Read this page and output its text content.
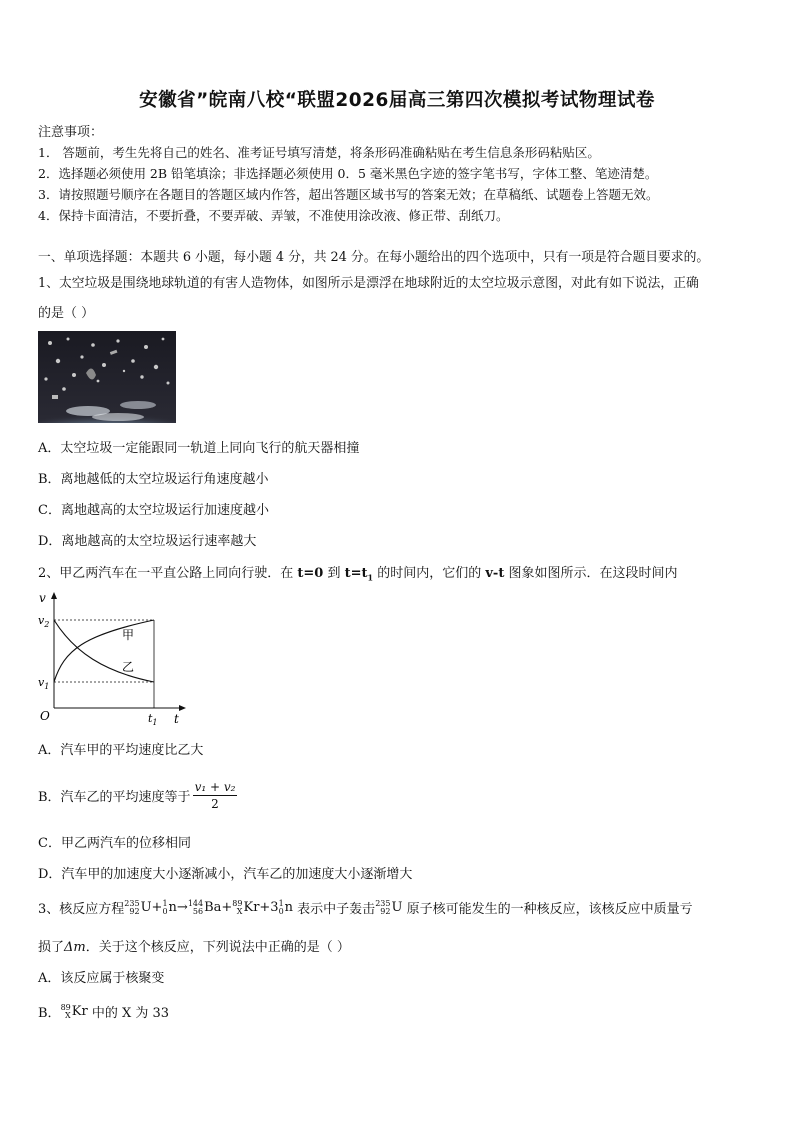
安徽省”皖南八校“联盟2026届高三第四次模拟考试物理试卷
注意事项：
1． 答题前，考生先将自己的姓名、准考证号填写清楚，将条形码准确粘贴在考生信息条形码粘贴区。
2．选择题必须使用 2B 铅笔填涂；非选择题必须使用 0．5 毫米黑色字迹的签字笔书写，字体工整、笔迹清楚。
3．请按照题号顺序在各题目的答题区域内作答，超出答题区域书写的答案无效；在草稿纸、试题卷上答题无效。
4．保持卡面清洁，不要折叠，不要弄破、弄皱，不准使用涂改液、修正带、刮纸刀。
一、单项选择题：本题共 6 小题，每小题 4 分，共 24 分。在每小题给出的四个选项中，只有一项是符合题目要求的。
1、太空垃圾是围绕地球轨道的有害人造物体，如图所示是漂浮在地球附近的太空垃圾示意图，对此有如下说法，正确
的是（ ）
A．太空垃圾一定能跟同一轨道上同向飞行的航天器相撞
B．离地越低的太空垃圾运行角速度越小
C．离地越高的太空垃圾运行加速度越小
D．离地越高的太空垃圾运行速率越大
2、甲乙两汽车在一平直公路上同向行驶．在 t=0 到 $t=t_1$ 的时间内，它们的 v-t 图象如图所示．在这段时间内
v
t
O
$v_2$
$v_1$
$t_1$
甲
乙
A．汽车甲的平均速度比乙大
B．汽车乙的平均速度等于 $\frac{\text{v₁ + v₂}}{2}$
C．甲乙两汽车的位移相同
D．汽车甲的加速度大小逐渐减小，汽车乙的加速度大小逐渐增大
3、核反应方程 235
92 U+ 1
0 n→ 144
56 Ba+ 89
X Kr+3 1
0 n 表示中子轰击 235
92 U 原子核可能发生的一种核反应，该核反应中质量亏
损了Δm．关于这个核反应，下列说法中正确的是（ ）
A．该反应属于核聚变
B． 89
X Kr 中的 X 为 33
